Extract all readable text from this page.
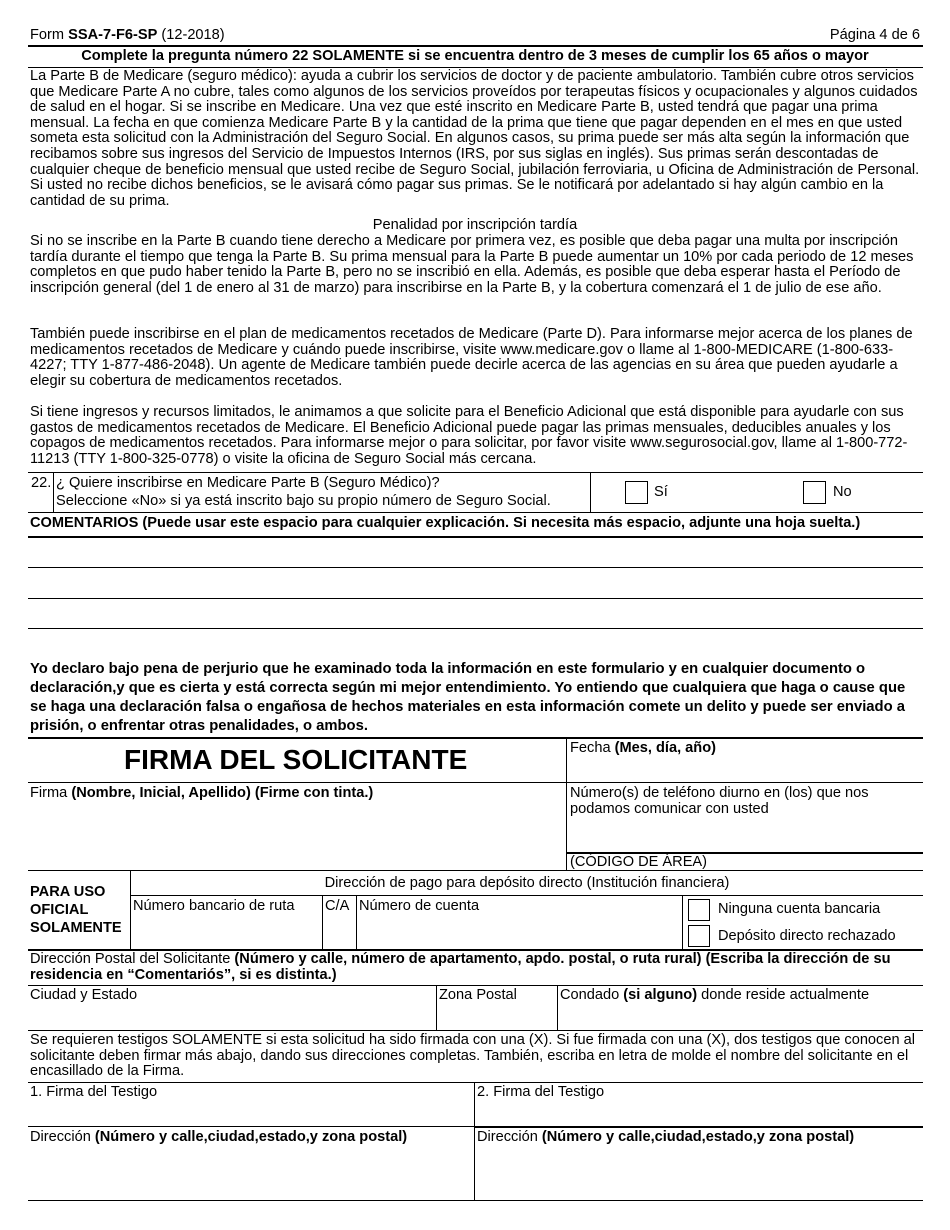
Form SSA-7-F6-SP (12-2018)	Página 4 de 6
Complete la pregunta número 22 SOLAMENTE si se encuentra dentro de 3 meses de cumplir los 65 años o mayor
La Parte B de Medicare (seguro médico): ayuda a cubrir los servicios de doctor y de paciente ambulatorio. También cubre otros servicios que Medicare Parte A no cubre, tales como algunos de los servicios proveídos por terapeutas físicos y ocupacionales y algunos cuidados de salud en el hogar. Si se inscribe en Medicare. Una vez que esté inscrito en Medicare Parte B, usted tendrá que pagar una prima mensual. La fecha en que comienza Medicare Parte B y la cantidad de la prima que tiene que pagar dependen en el mes en que usted someta esta solicitud con la Administración del Seguro Social. En algunos casos, su prima puede ser más alta según la información que recibamos sobre sus ingresos del Servicio de Impuestos Internos (IRS, por sus siglas en inglés). Sus primas serán descontadas de cualquier cheque de beneficio mensual que usted recibe de Seguro Social, jubilación ferroviaria, u Oficina de Administración de Personal. Si usted no recibe dichos beneficios, se le avisará cómo pagar sus primas. Se le notificará por adelantado si hay algún cambio en la cantidad de su prima.
Penalidad por inscripción tardía
Si no se inscribe en la Parte B cuando tiene derecho a Medicare por primera vez, es posible que deba pagar una multa por inscripción tardía durante el tiempo que tenga la Parte B. Su prima mensual para la Parte B puede aumentar un 10% por cada periodo de 12 meses completos en que pudo haber tenido la Parte B, pero no se inscribió en ella. Además, es posible que deba esperar hasta el Período de inscripción general (del 1 de enero al 31 de marzo) para inscribirse en la Parte B, y la cobertura comenzará el 1 de julio de ese año.
También puede inscribirse en el plan de medicamentos recetados de Medicare (Parte D). Para informarse mejor acerca de los planes de medicamentos recetados de Medicare y cuándo puede inscribirse, visite www.medicare.gov o llame al 1-800-MEDICARE (1-800-633-4227; TTY 1-877-486-2048). Un agente de Medicare también puede decirle acerca de las agencias en su área que pueden ayudarle a elegir su cobertura de medicamentos recetados.
Si tiene ingresos y recursos limitados, le animamos a que solicite para el Beneficio Adicional que está disponible para ayudarle con sus gastos de medicamentos recetados de Medicare. El Beneficio Adicional puede pagar las primas mensuales, deducibles anuales y los copagos de medicamentos recetados. Para informarse mejor o para solicitar, por favor visite www.segurosocial.gov, llame al 1-800-772-11213 (TTY 1-800-325-0778) o visite la oficina de Seguro Social más cercana.
22. ¿ Quiere inscribirse en Medicare Parte B (Seguro Médico)?
Seleccione «No» si ya está inscrito bajo su propio número de Seguro Social.
Sí	No
COMENTARIOS (Puede usar este espacio para cualquier explicación. Si necesita más espacio, adjunte una hoja suelta.)
Yo declaro bajo pena de perjurio que he examinado toda la información en este formulario y en cualquier documento o declaración,y que es cierta y está correcta según mi mejor entendimiento. Yo entiendo que cualquiera que haga o cause que se haga una declaración falsa o engañosa de hechos materiales en esta información comete un delito y puede ser enviado a prisión, o enfrentar otras penalidades, o ambos.
FIRMA DEL SOLICITANTE	Fecha (Mes, día, año)
Firma (Nombre, Inicial, Apellido) (Firme con tinta.)	Número(s) de teléfono diurno en (los) que nos podamos comunicar con usted
(CÓDIGO DE ÁREA)
PARA USO
OFICIAL
SOLAMENTE
Dirección de pago para depósito directo (Institución financiera)
Número bancario de ruta C/A Número de cuenta	Ninguna cuenta bancaria
Depósito directo rechazado
Dirección Postal del Solicitante (Número y calle, número de apartamento, apdo. postal, o ruta rural) (Escriba la dirección de su residencia en “Comentariós”, si es distinta.)
Ciudad y Estado	Zona Postal	Condado (si alguno) donde reside actualmente
Se requieren testigos SOLAMENTE si esta solicitud ha sido firmada con una (X). Si fue firmada con una (X), dos testigos que conocen al solicitante deben firmar más abajo, dando sus direcciones completas. También, escriba en letra de molde el nombre del solicitante en el encasillado de la Firma.
1. Firma del Testigo	2. Firma del Testigo
Dirección (Número y calle,ciudad,estado,y zona postal)	Dirección (Número y calle,ciudad,estado,y zona postal)
